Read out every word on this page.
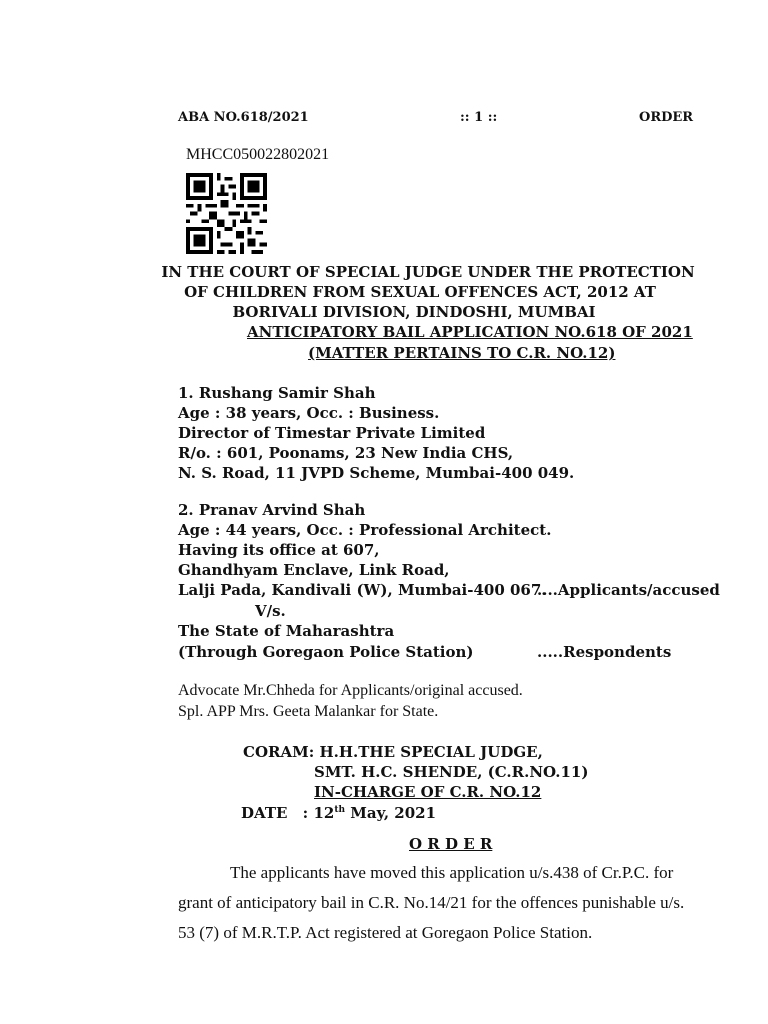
ABA NO.618/2021	:: 1 ::	ORDER
MHCC050022802021
IN THE COURT OF SPECIAL JUDGE UNDER THE PROTECTION
OF CHILDREN FROM SEXUAL OFFENCES ACT, 2012 AT
BORIVALI DIVISION, DINDOSHI, MUMBAI
ANTICIPATORY BAIL APPLICATION NO.618 OF 2021
(MATTER PERTAINS TO C.R. NO.12)
1. Rushang Samir Shah
Age : 38 years, Occ. : Business.
Director of Timestar Private Limited
R/o. : 601, Poonams, 23 New India CHS,
N. S. Road, 11 JVPD Scheme, Mumbai-400 049.
2. Pranav Arvind Shah
Age : 44 years, Occ. : Professional Architect.
Having its office at 607,
Ghandhyam Enclave, Link Road,
Lalji Pada, Kandivali (W), Mumbai-400 067.
....Applicants/accused
V/s.
The State of Maharashtra
(Through Goregaon Police Station)	.....Respondents
Advocate Mr.Chheda for Applicants/original accused.
Spl. APP Mrs. Geeta Malankar for State.
CORAM: H.H.THE SPECIAL JUDGE,
SMT. H.C. SHENDE, (C.R.NO.11)
IN-CHARGE OF C.R. NO.12
DATE : 12th May, 2021
O R D E R
The applicants have moved this application u/s.438 of Cr.P.C. for
grant of anticipatory bail in C.R. No.14/21 for the offences punishable u/s.
53 (7) of M.R.T.P. Act registered at Goregaon Police Station.
